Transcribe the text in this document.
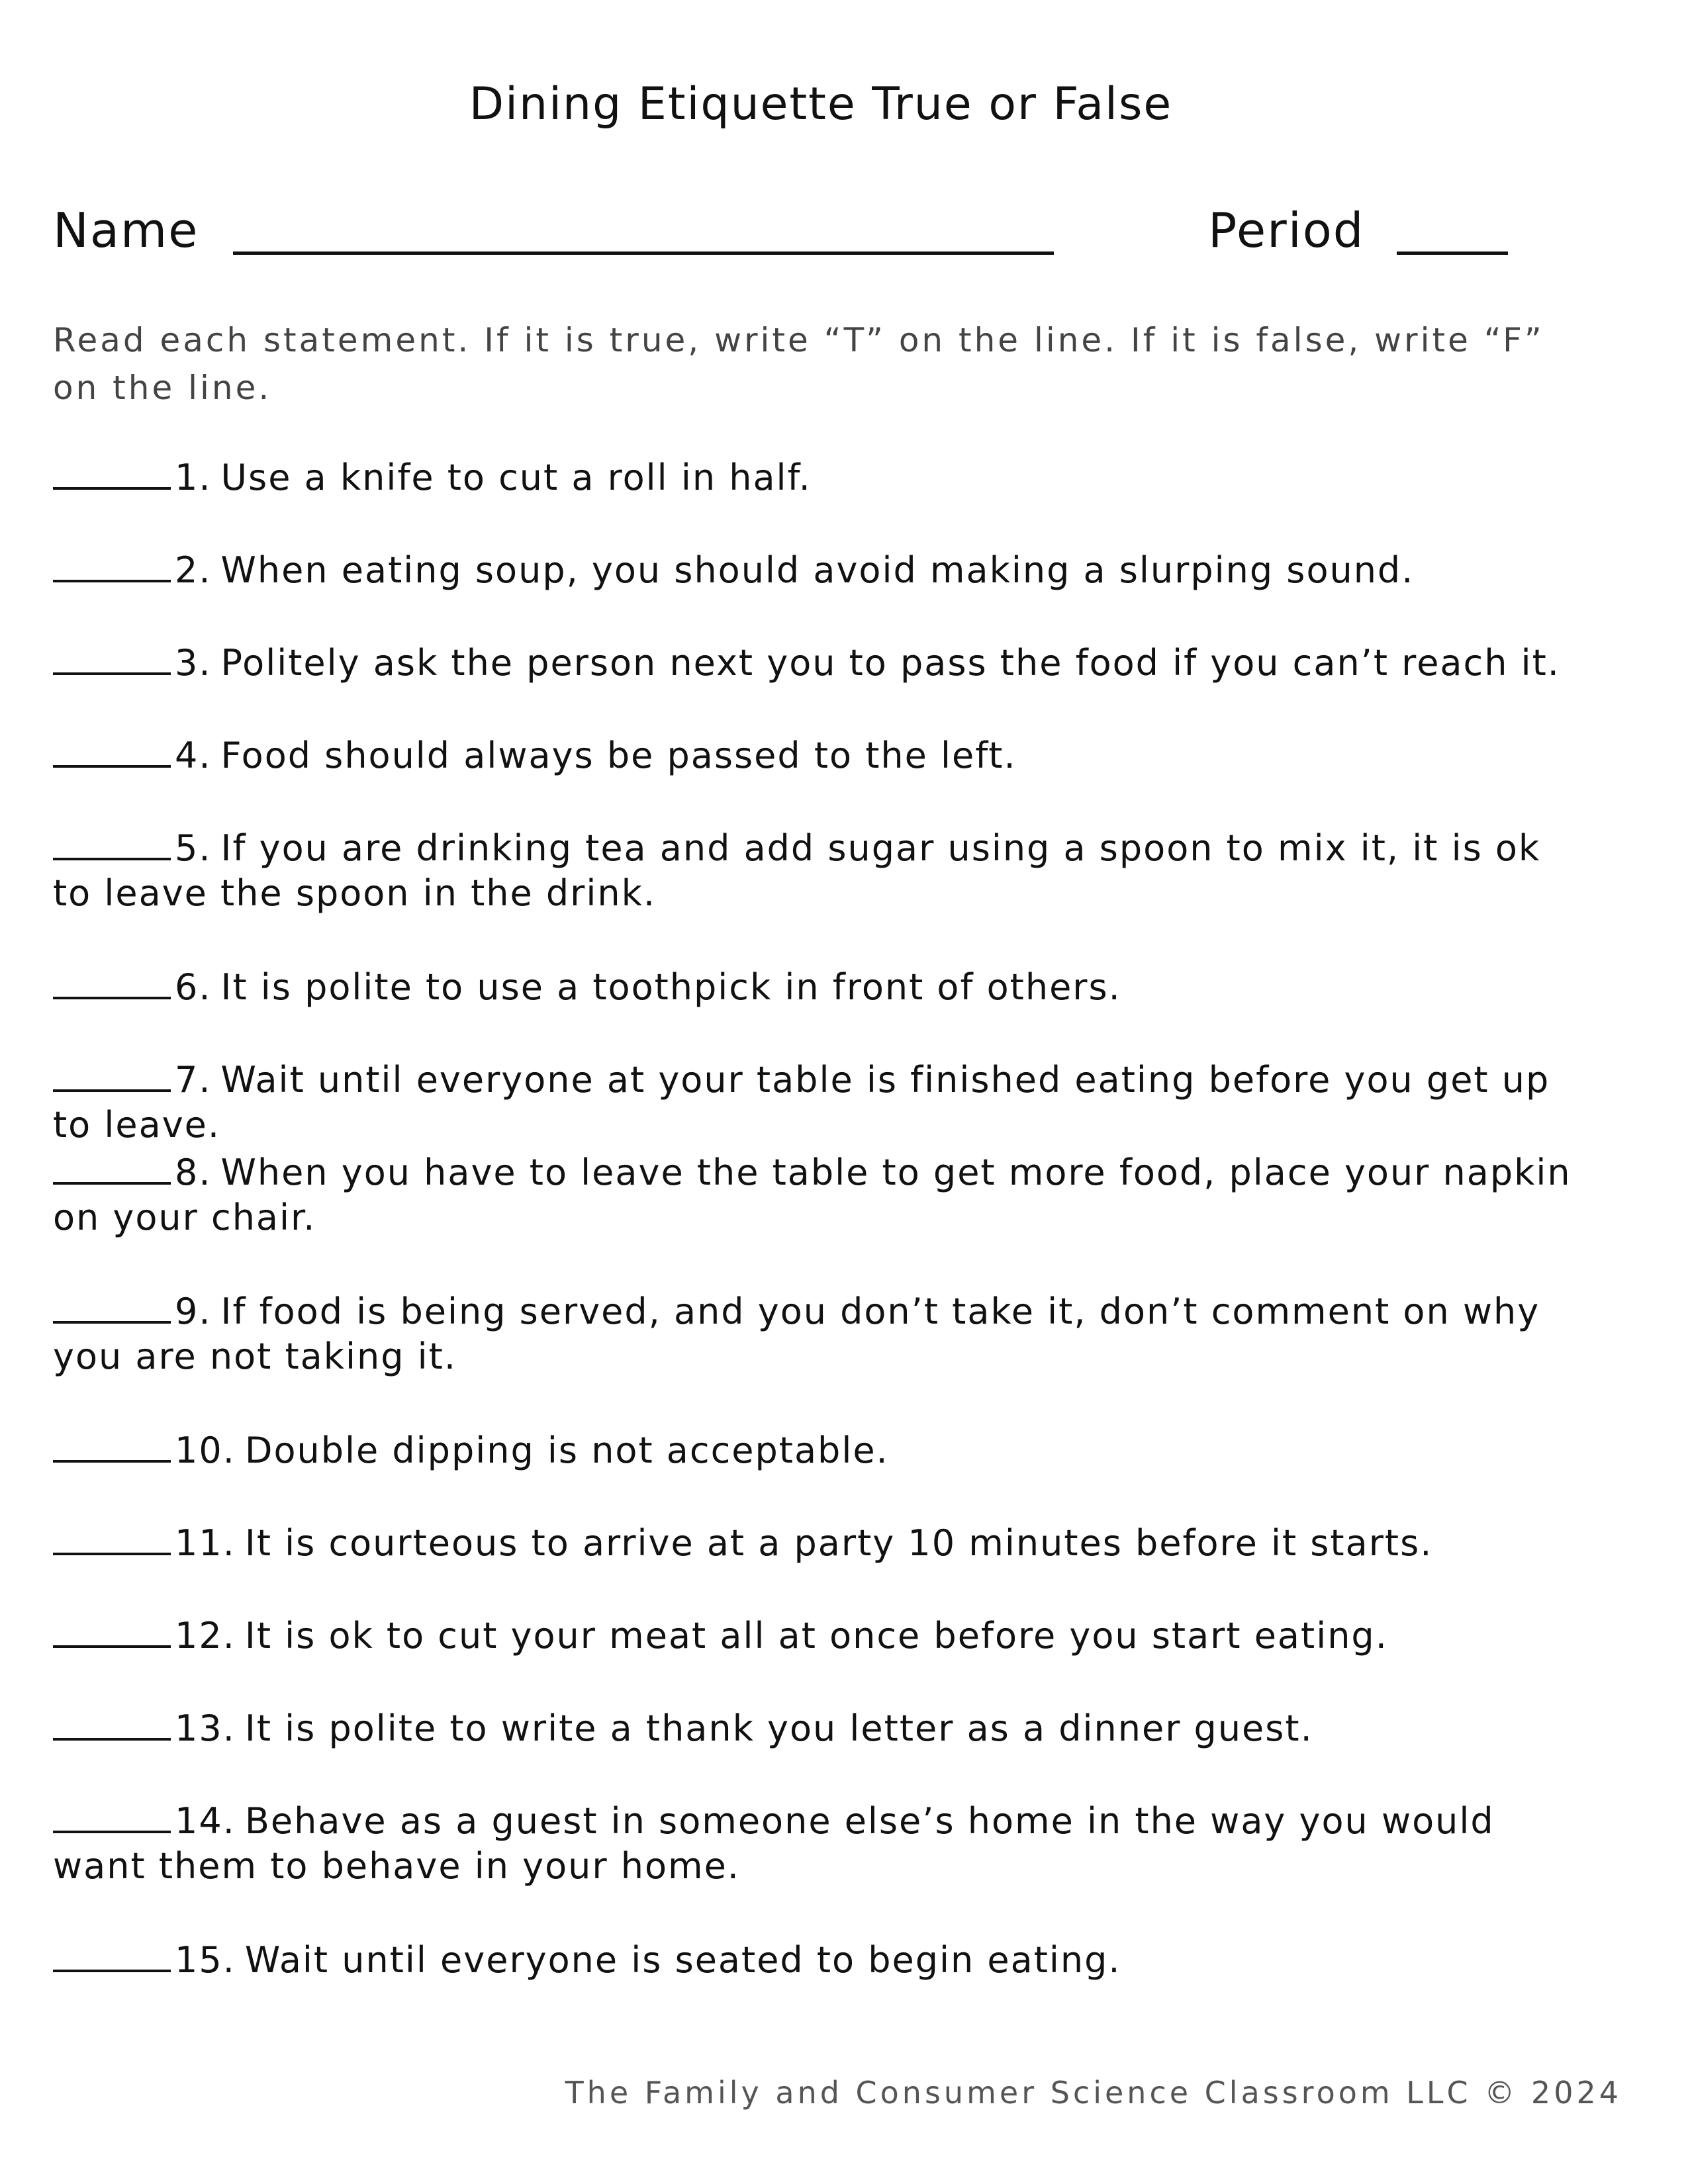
Dining Etiquette True or False
Name	Period
Read each statement. If it is true, write “T” on the line. If it is false, write “F” on the line.
1. Use a knife to cut a roll in half.
2. When eating soup, you should avoid making a slurping sound.
3. Politely ask the person next you to pass the food if you can’t reach it.
4. Food should always be passed to the left.
5. If you are drinking tea and add sugar using a spoon to mix it, it is ok to leave the spoon in the drink.
6. It is polite to use a toothpick in front of others.
7. Wait until everyone at your table is finished eating before you get up to leave.
8. When you have to leave the table to get more food, place your napkin on your chair.
9. If food is being served, and you don’t take it, don’t comment on why you are not taking it.
10. Double dipping is not acceptable.
11. It is courteous to arrive at a party 10 minutes before it starts.
12. It is ok to cut your meat all at once before you start eating.
13. It is polite to write a thank you letter as a dinner guest.
14. Behave as a guest in someone else’s home in the way you would want them to behave in your home.
15. Wait until everyone is seated to begin eating.
The Family and Consumer Science Classroom LLC © 2024
